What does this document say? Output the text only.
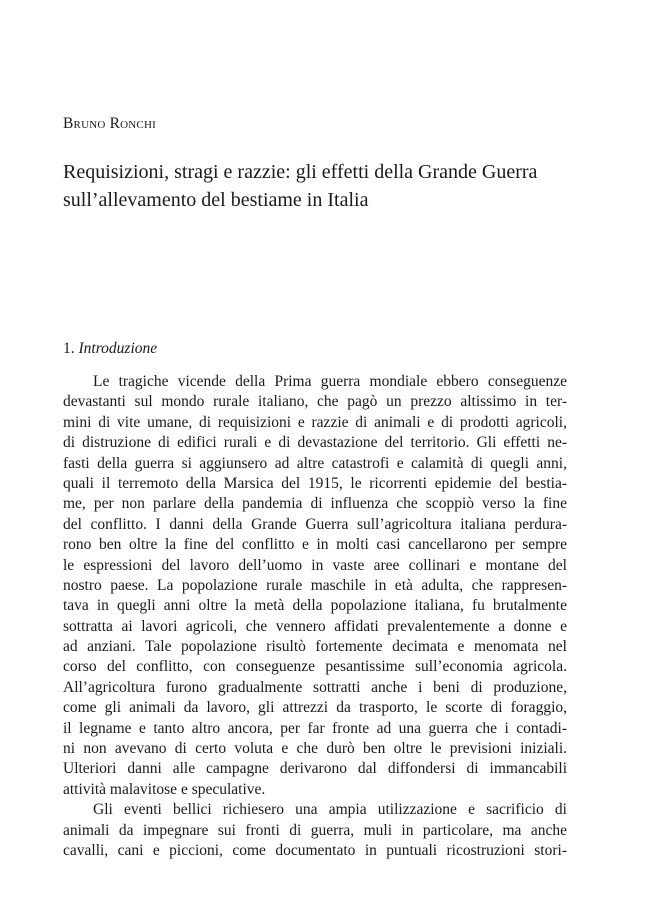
Bruno Ronchi
Requisizioni, stragi e razzie: gli effetti della Grande Guerra
sull’allevamento del bestiame in Italia
1. Introduzione
Le tragiche vicende della Prima guerra mondiale ebbero conseguenze
devastanti sul mondo rurale italiano, che pagò un prezzo altissimo in ter-
mini di vite umane, di requisizioni e razzie di animali e di prodotti agricoli,
di distruzione di edifici rurali e di devastazione del territorio. Gli effetti ne-
fasti della guerra si aggiunsero ad altre catastrofi e calamità di quegli anni,
quali il terremoto della Marsica del 1915, le ricorrenti epidemie del bestia-
me, per non parlare della pandemia di influenza che scoppiò verso la fine
del conflitto. I danni della Grande Guerra sull’agricoltura italiana perdura-
rono ben oltre la fine del conflitto e in molti casi cancellarono per sempre
le espressioni del lavoro dell’uomo in vaste aree collinari e montane del
nostro paese. La popolazione rurale maschile in età adulta, che rappresen-
tava in quegli anni oltre la metà della popolazione italiana, fu brutalmente
sottratta ai lavori agricoli, che vennero affidati prevalentemente a donne e
ad anziani. Tale popolazione risultò fortemente decimata e menomata nel
corso del conflitto, con conseguenze pesantissime sull’economia agricola.
All’agricoltura furono gradualmente sottratti anche i beni di produzione,
come gli animali da lavoro, gli attrezzi da trasporto, le scorte di foraggio,
il legname e tanto altro ancora, per far fronte ad una guerra che i contadi-
ni non avevano di certo voluta e che durò ben oltre le previsioni iniziali.
Ulteriori danni alle campagne derivarono dal diffondersi di immancabili
attività malavitose e speculative.
Gli eventi bellici richiesero una ampia utilizzazione e sacrificio di
animali da impegnare sui fronti di guerra, muli in particolare, ma anche
cavalli, cani e piccioni, come documentato in puntuali ricostruzioni stori-
